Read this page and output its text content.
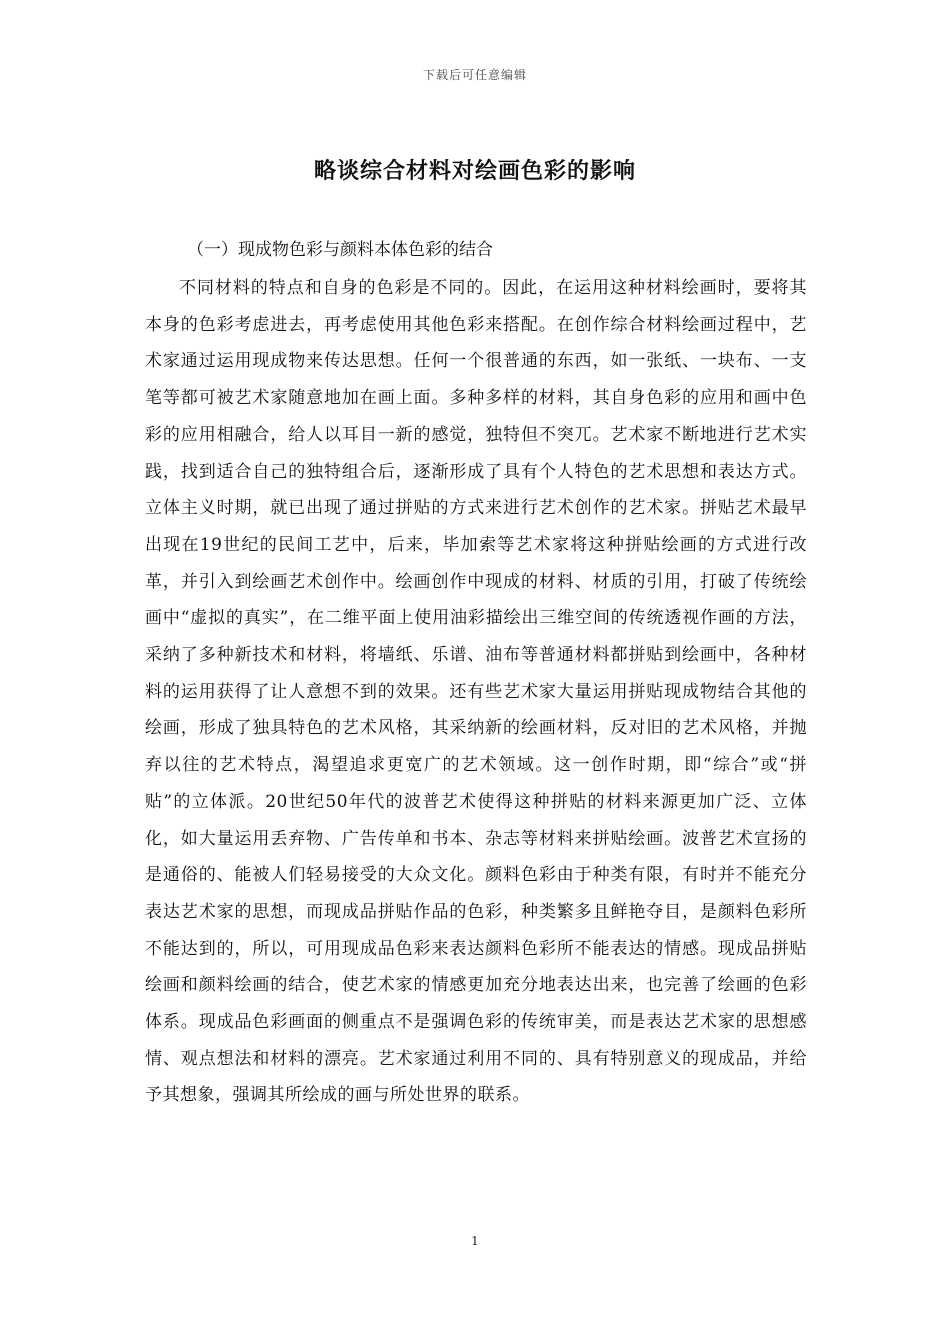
下载后可任意编辑
略谈综合材料对绘画色彩的影响
（一）现成物色彩与颜料本体色彩的结合

不同材料的特点和自身的色彩是不同的。因此，在运用这种材料绘画时，要将其本身的色彩考虑进去，再考虑使用其他色彩来搭配。在创作综合材料绘画过程中，艺术家通过运用现成物来传达思想。任何一个很普通的东西，如一张纸、一块布、一支笔等都可被艺术家随意地加在画上面。多种多样的材料，其自身色彩的应用和画中色彩的应用相融合，给人以耳目一新的感觉，独特但不突兀。艺术家不断地进行艺术实践，找到适合自己的独特组合后，逐渐形成了具有个人特色的艺术思想和表达方式。立体主义时期，就已出现了通过拼贴的方式来进行艺术创作的艺术家。拼贴艺术最早出现在19世纪的民间工艺中，后来，毕加索等艺术家将这种拼贴绘画的方式进行改革，并引入到绘画艺术创作中。绘画创作中现成的材料、材质的引用，打破了传统绘画中“虚拟的真实”，在二维平面上使用油彩描绘出三维空间的传统透视作画的方法，采纳了多种新技术和材料，将墙纸、乐谱、油布等普通材料都拼贴到绘画中，各种材料的运用获得了让人意想不到的效果。还有些艺术家大量运用拼贴现成物结合其他的绘画，形成了独具特色的艺术风格，其采纳新的绘画材料，反对旧的艺术风格，并抛弃以往的艺术特点，渴望追求更宽广的艺术领域。这一创作时期，即“综合”或“拼贴”的立体派。20世纪50年代的波普艺术使得这种拼贴的材料来源更加广泛、立体化，如大量运用丢弃物、广告传单和书本、杂志等材料来拼贴绘画。波普艺术宣扬的是通俗的、能被人们轻易接受的大众文化。颜料色彩由于种类有限，有时并不能充分表达艺术家的思想，而现成品拼贴作品的色彩，种类繁多且鲜艳夺目，是颜料色彩所不能达到的，所以，可用现成品色彩来表达颜料色彩所不能表达的情感。现成品拼贴绘画和颜料绘画的结合，使艺术家的情感更加充分地表达出来，也完善了绘画的色彩体系。现成品色彩画面的侧重点不是强调色彩的传统审美，而是表达艺术家的思想感情、观点想法和材料的漂亮。艺术家通过利用不同的、具有特别意义的现成品，并给予其想象，强调其所绘成的画与所处世界的联系。

1
